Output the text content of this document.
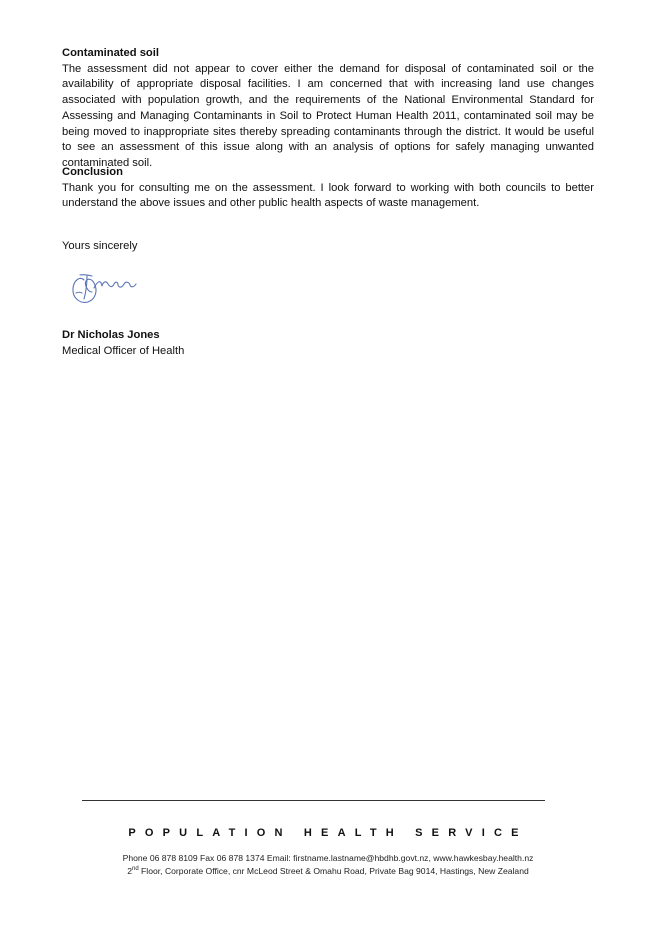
Contaminated soil

The assessment did not appear to cover either the demand for disposal of contaminated soil or the availability of appropriate disposal facilities. I am concerned that with increasing land use changes associated with population growth, and the requirements of the National Environmental Standard for Assessing and Managing Contaminants in Soil to Protect Human Health 2011, contaminated soil may be being moved to inappropriate sites thereby spreading contaminants through the district. It would be useful to see an assessment of this issue along with an analysis of options for safely managing unwanted contaminated soil.

Conclusion

Thank you for consulting me on the assessment. I look forward to working with both councils to better understand the above issues and other public health aspects of waste management.

Yours sincerely
Dr Nicholas Jones
Medical Officer of Health
POPULATION HEALTH SERVICE
Phone 06 878 8109 Fax 06 878 1374 Email: firstname.lastname@hbdhb.govt.nz, www.hawkesbay.health.nz
2nd Floor, Corporate Office, cnr McLeod Street & Omahu Road, Private Bag 9014, Hastings, New Zealand
